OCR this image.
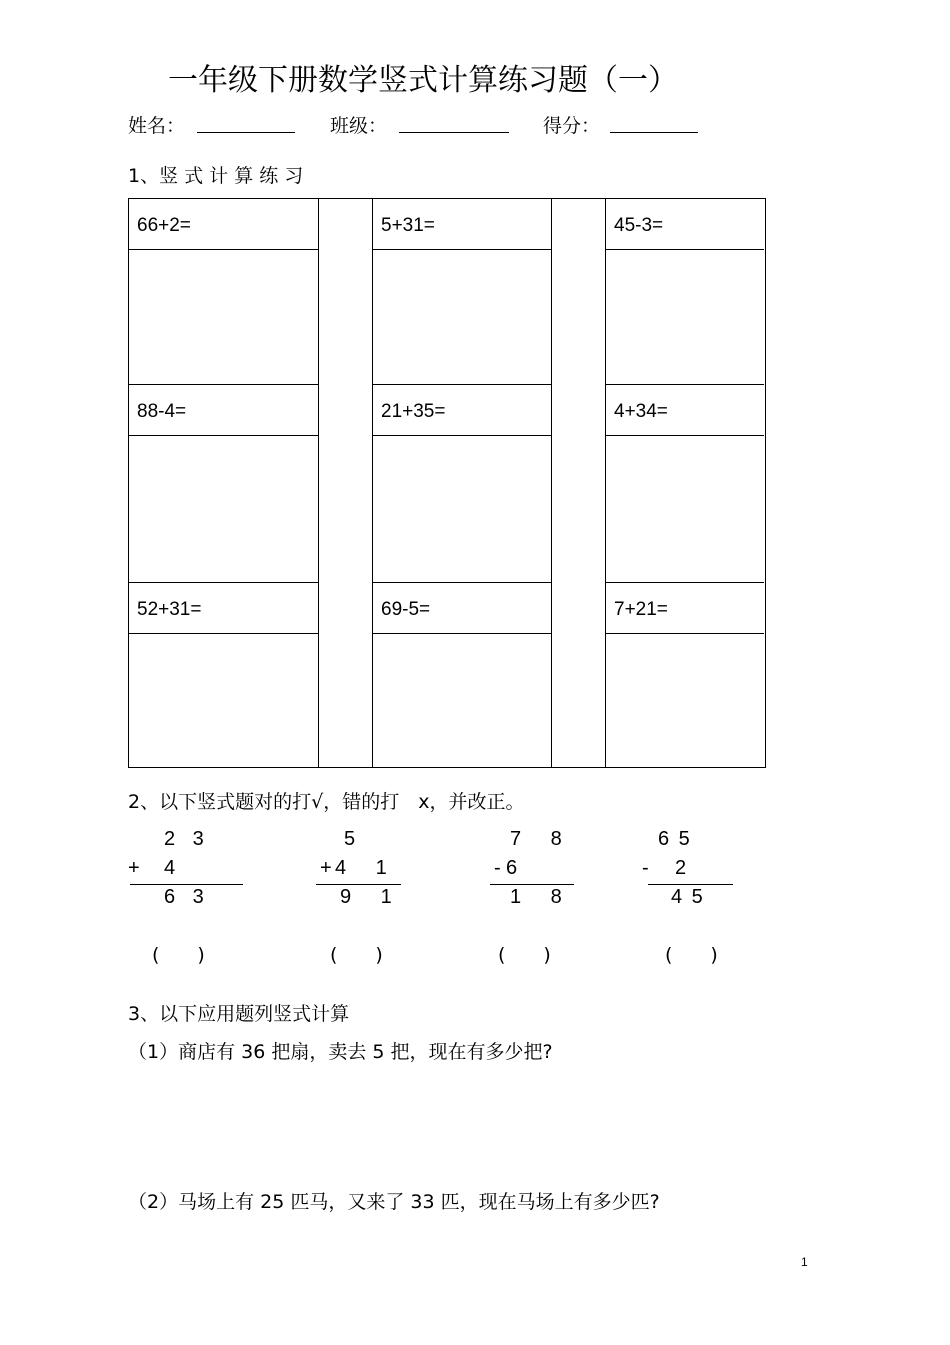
一年级下册数学竖式计算练习题（一）
姓名：	班级：	得分：
1、竖 式 计 算 练 习
66+2=
88-4=
52+31=
5+31=
21+35=
69-5=
45-3=
4+34=
7+21=
2、以下竖式题对的打√，错的打　x，并改正。
2 3
+ 4
6 3
(　　)
5
+ 4 1
9 1
(　　)
7 8
- 6
1 8
(　　)
6 5
- 2
4 5
(　　)
3、以下应用题列竖式计算
（1）商店有 36 把扇，卖去 5 把，现在有多少把?
（2）马场上有 25 匹马，又来了 33 匹，现在马场上有多少匹?
1
